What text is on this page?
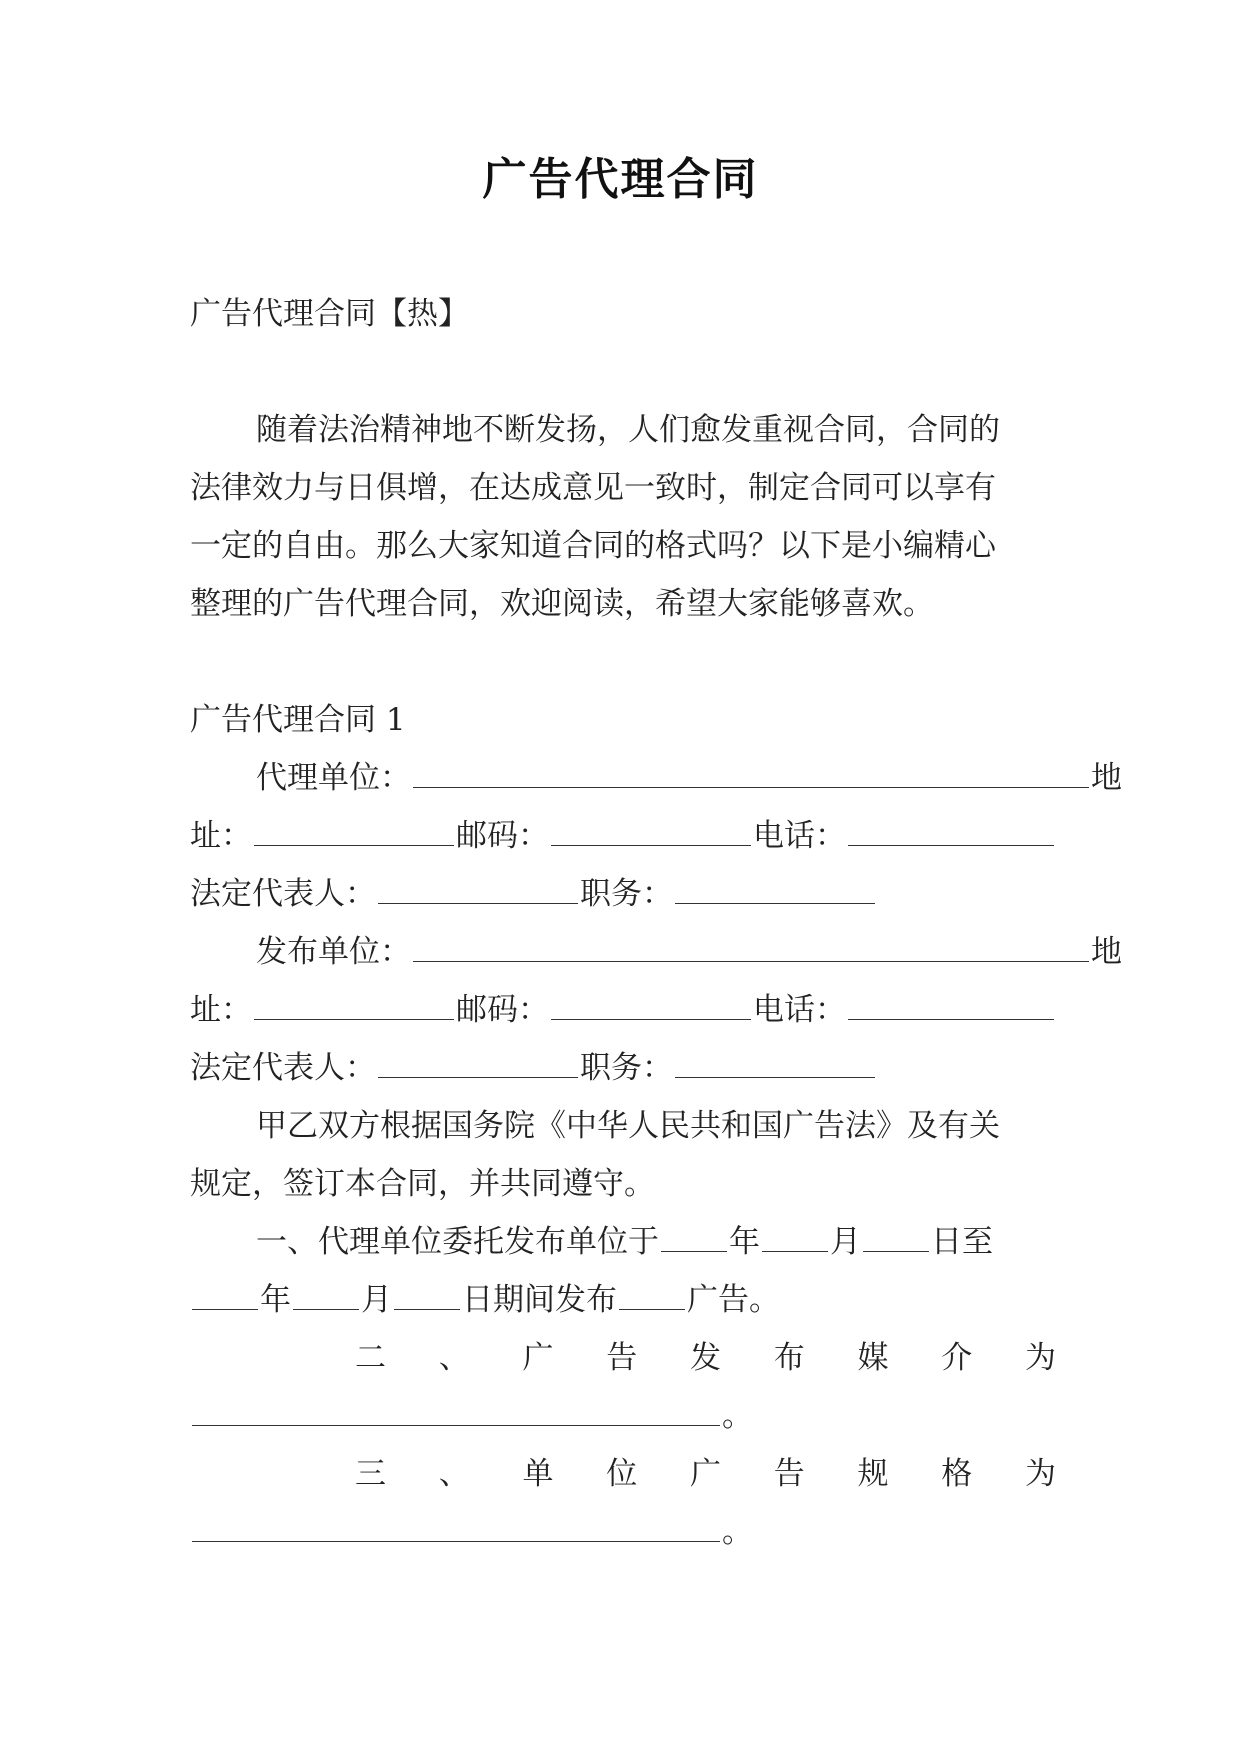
广告代理合同
广告代理合同【热】
随着法治精神地不断发扬，人们愈发重视合同，合同的
法律效力与日俱增，在达成意见一致时，制定合同可以享有
一定的自由。那么大家知道合同的格式吗？以下是小编精心
整理的广告代理合同，欢迎阅读，希望大家能够喜欢。
广告代理合同 1
代理单位：	地
址：	邮码：	电话：
法定代表人：	职务：
发布单位：	地
址：	邮码：	电话：
法定代表人：	职务：
甲乙双方根据国务院《中华人民共和国广告法》及有关
规定，签订本合同，并共同遵守。
一、代理单位委托发布单位于 年 月 日至
年 月 日期间发布 广告。
二 、 广 告 发 布 媒 介 为
。
三 、 单 位 广 告 规 格 为
。
